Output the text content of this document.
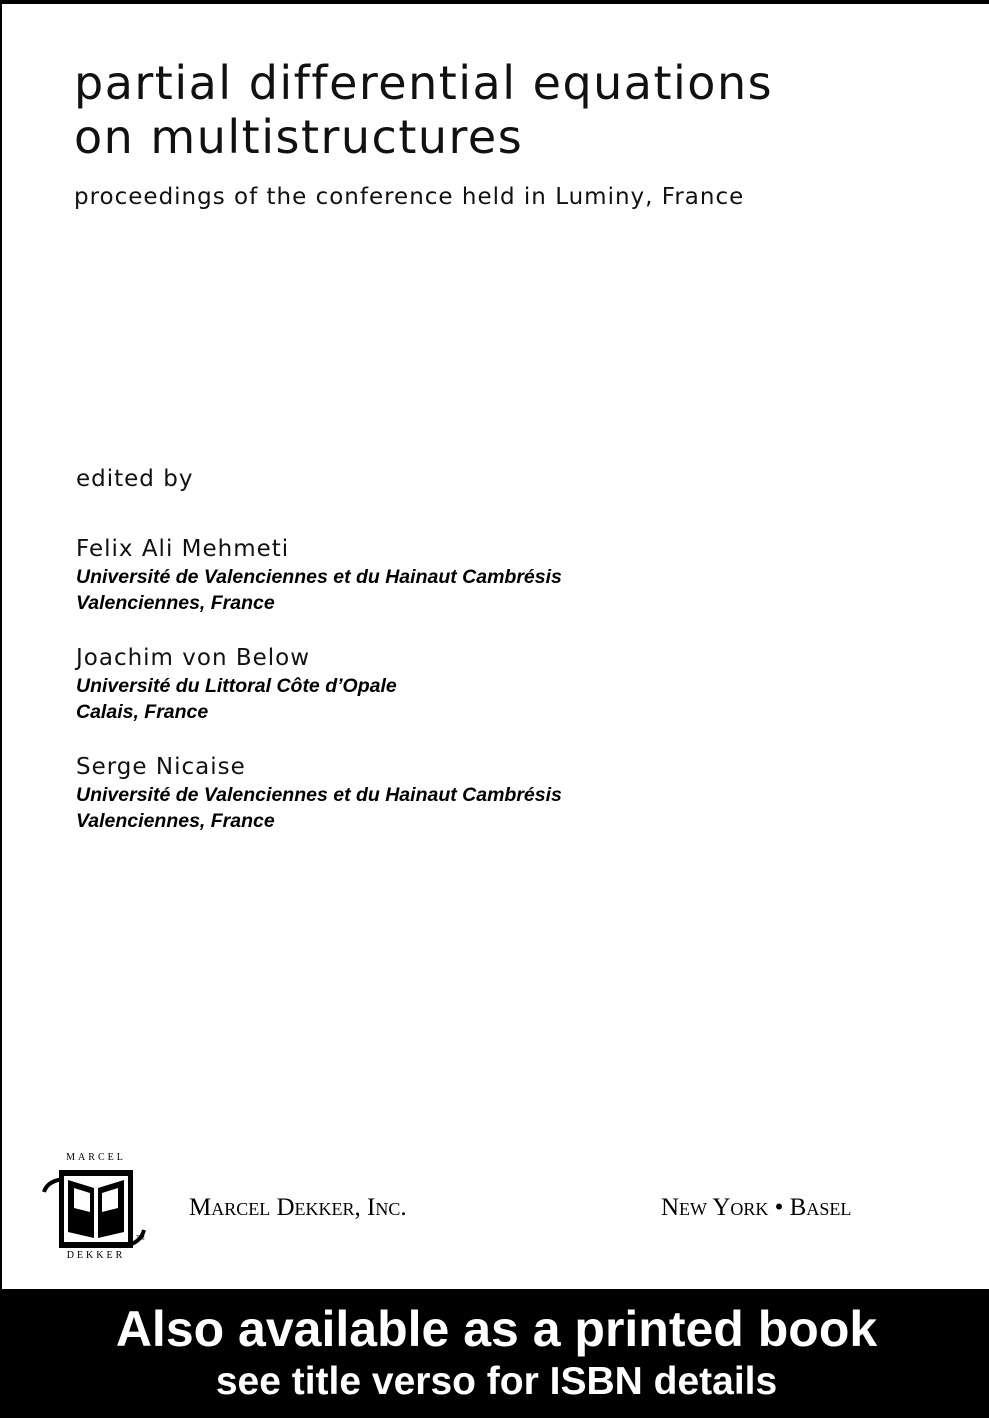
partial differential equations
on multistructures
proceedings of the conference held in Luminy, France
edited by
Felix Ali Mehmeti
Université de Valenciennes et du Hainaut Cambrésis
Valenciennes, France
Joachim von Below
Université du Littoral Côte d’Opale
Calais, France
Serge Nicaise
Université de Valenciennes et du Hainaut Cambrésis
Valenciennes, France
MARCEL
TM
DEKKER
Marcel Dekker, Inc.	New York • Basel
Also available as a printed book
see title verso for ISBN details
